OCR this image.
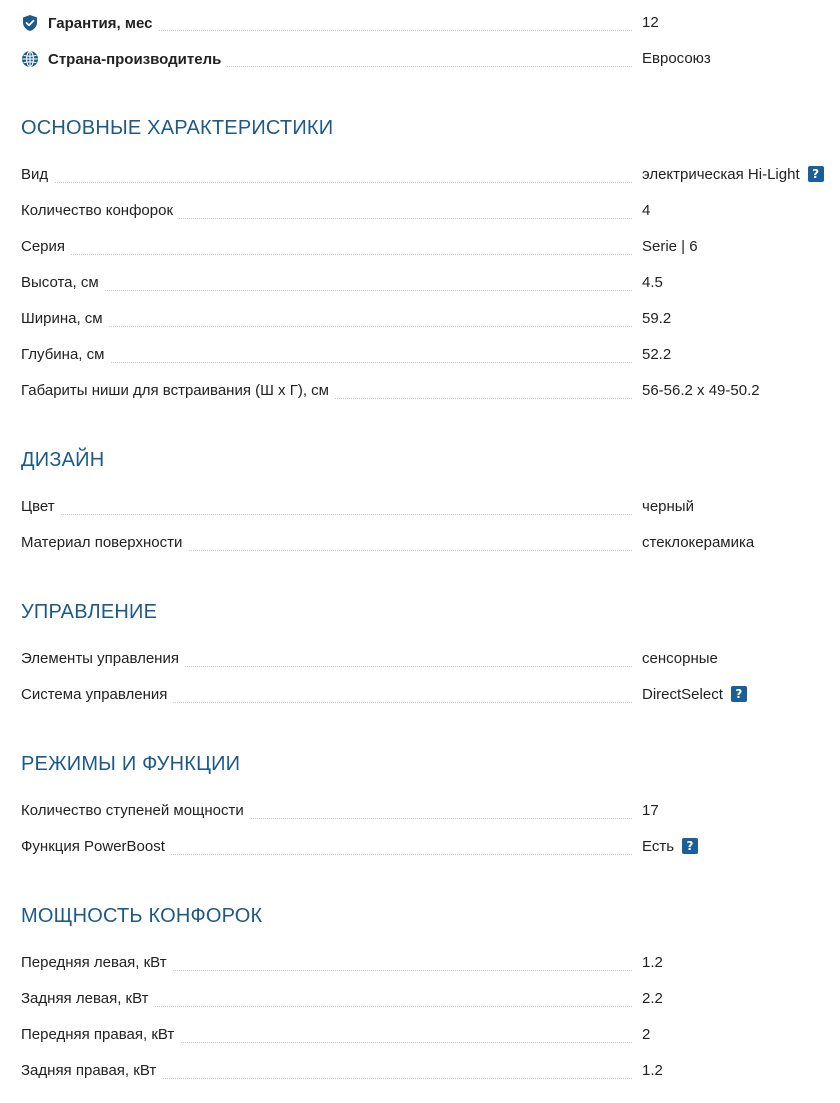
Гарантия, мес	12
Страна-производитель	Евросоюз
ОСНОВНЫЕ ХАРАКТЕРИСТИКИ
Вид	электрическая Hi-Light ?
Количество конфорок	4
Серия	Serie | 6
Высота, см	4.5
Ширина, см	59.2
Глубина, см	52.2
Габариты ниши для встраивания (Ш x Г), см	56-56.2 x 49-50.2
ДИЗАЙН
Цвет	черный
Материал поверхности	стеклокерамика
УПРАВЛЕНИЕ
Элементы управления	сенсорные
Система управления	DirectSelect ?
РЕЖИМЫ И ФУНКЦИИ
Количество ступеней мощности	17
Функция PowerBoost	Есть ?
МОЩНОСТЬ КОНФОРОК
Передняя левая, кВт	1.2
Задняя левая, кВт	2.2
Передняя правая, кВт	2
Задняя правая, кВт	1.2
